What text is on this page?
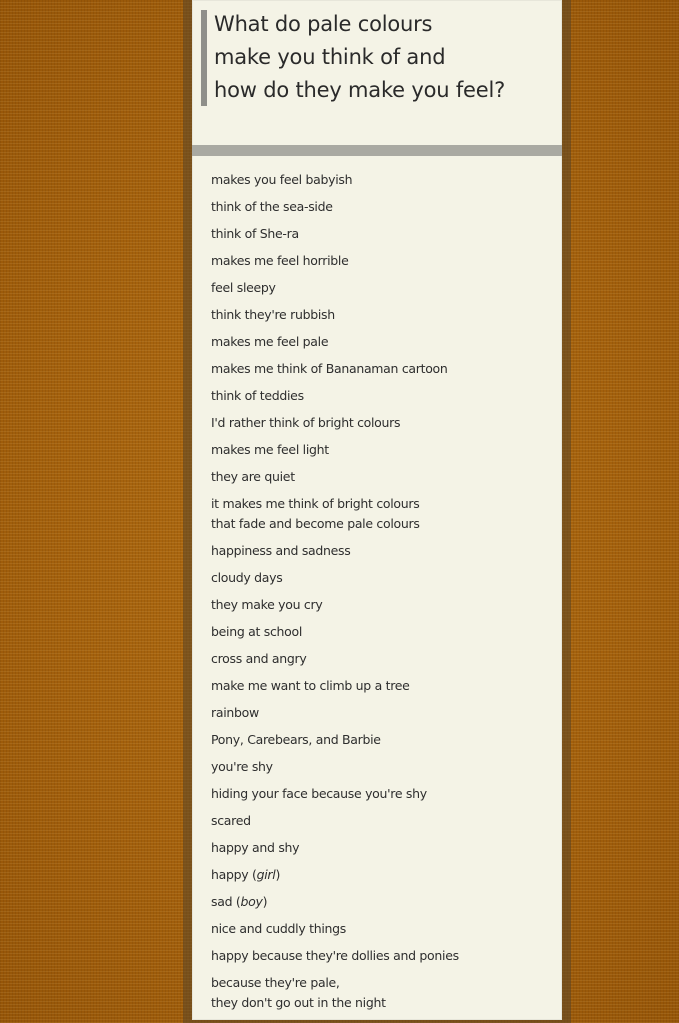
What do pale colours
make you think of and
how do they make you feel?
makes you feel babyish
think of the sea-side
think of She-ra
makes me feel horrible
feel sleepy
think they're rubbish
makes me feel pale
makes me think of Bananaman cartoon
think of teddies
I'd rather think of bright colours
makes me feel light
they are quiet
it makes me think of bright colours
that fade and become pale colours
happiness and sadness
cloudy days
they make you cry
being at school
cross and angry
make me want to climb up a tree
rainbow
Pony, Carebears, and Barbie
you're shy
hiding your face because you're shy
scared
happy and shy
happy (girl)
sad (boy)
nice and cuddly things
happy because they're dollies and ponies
because they're pale,
they don't go out in the night
